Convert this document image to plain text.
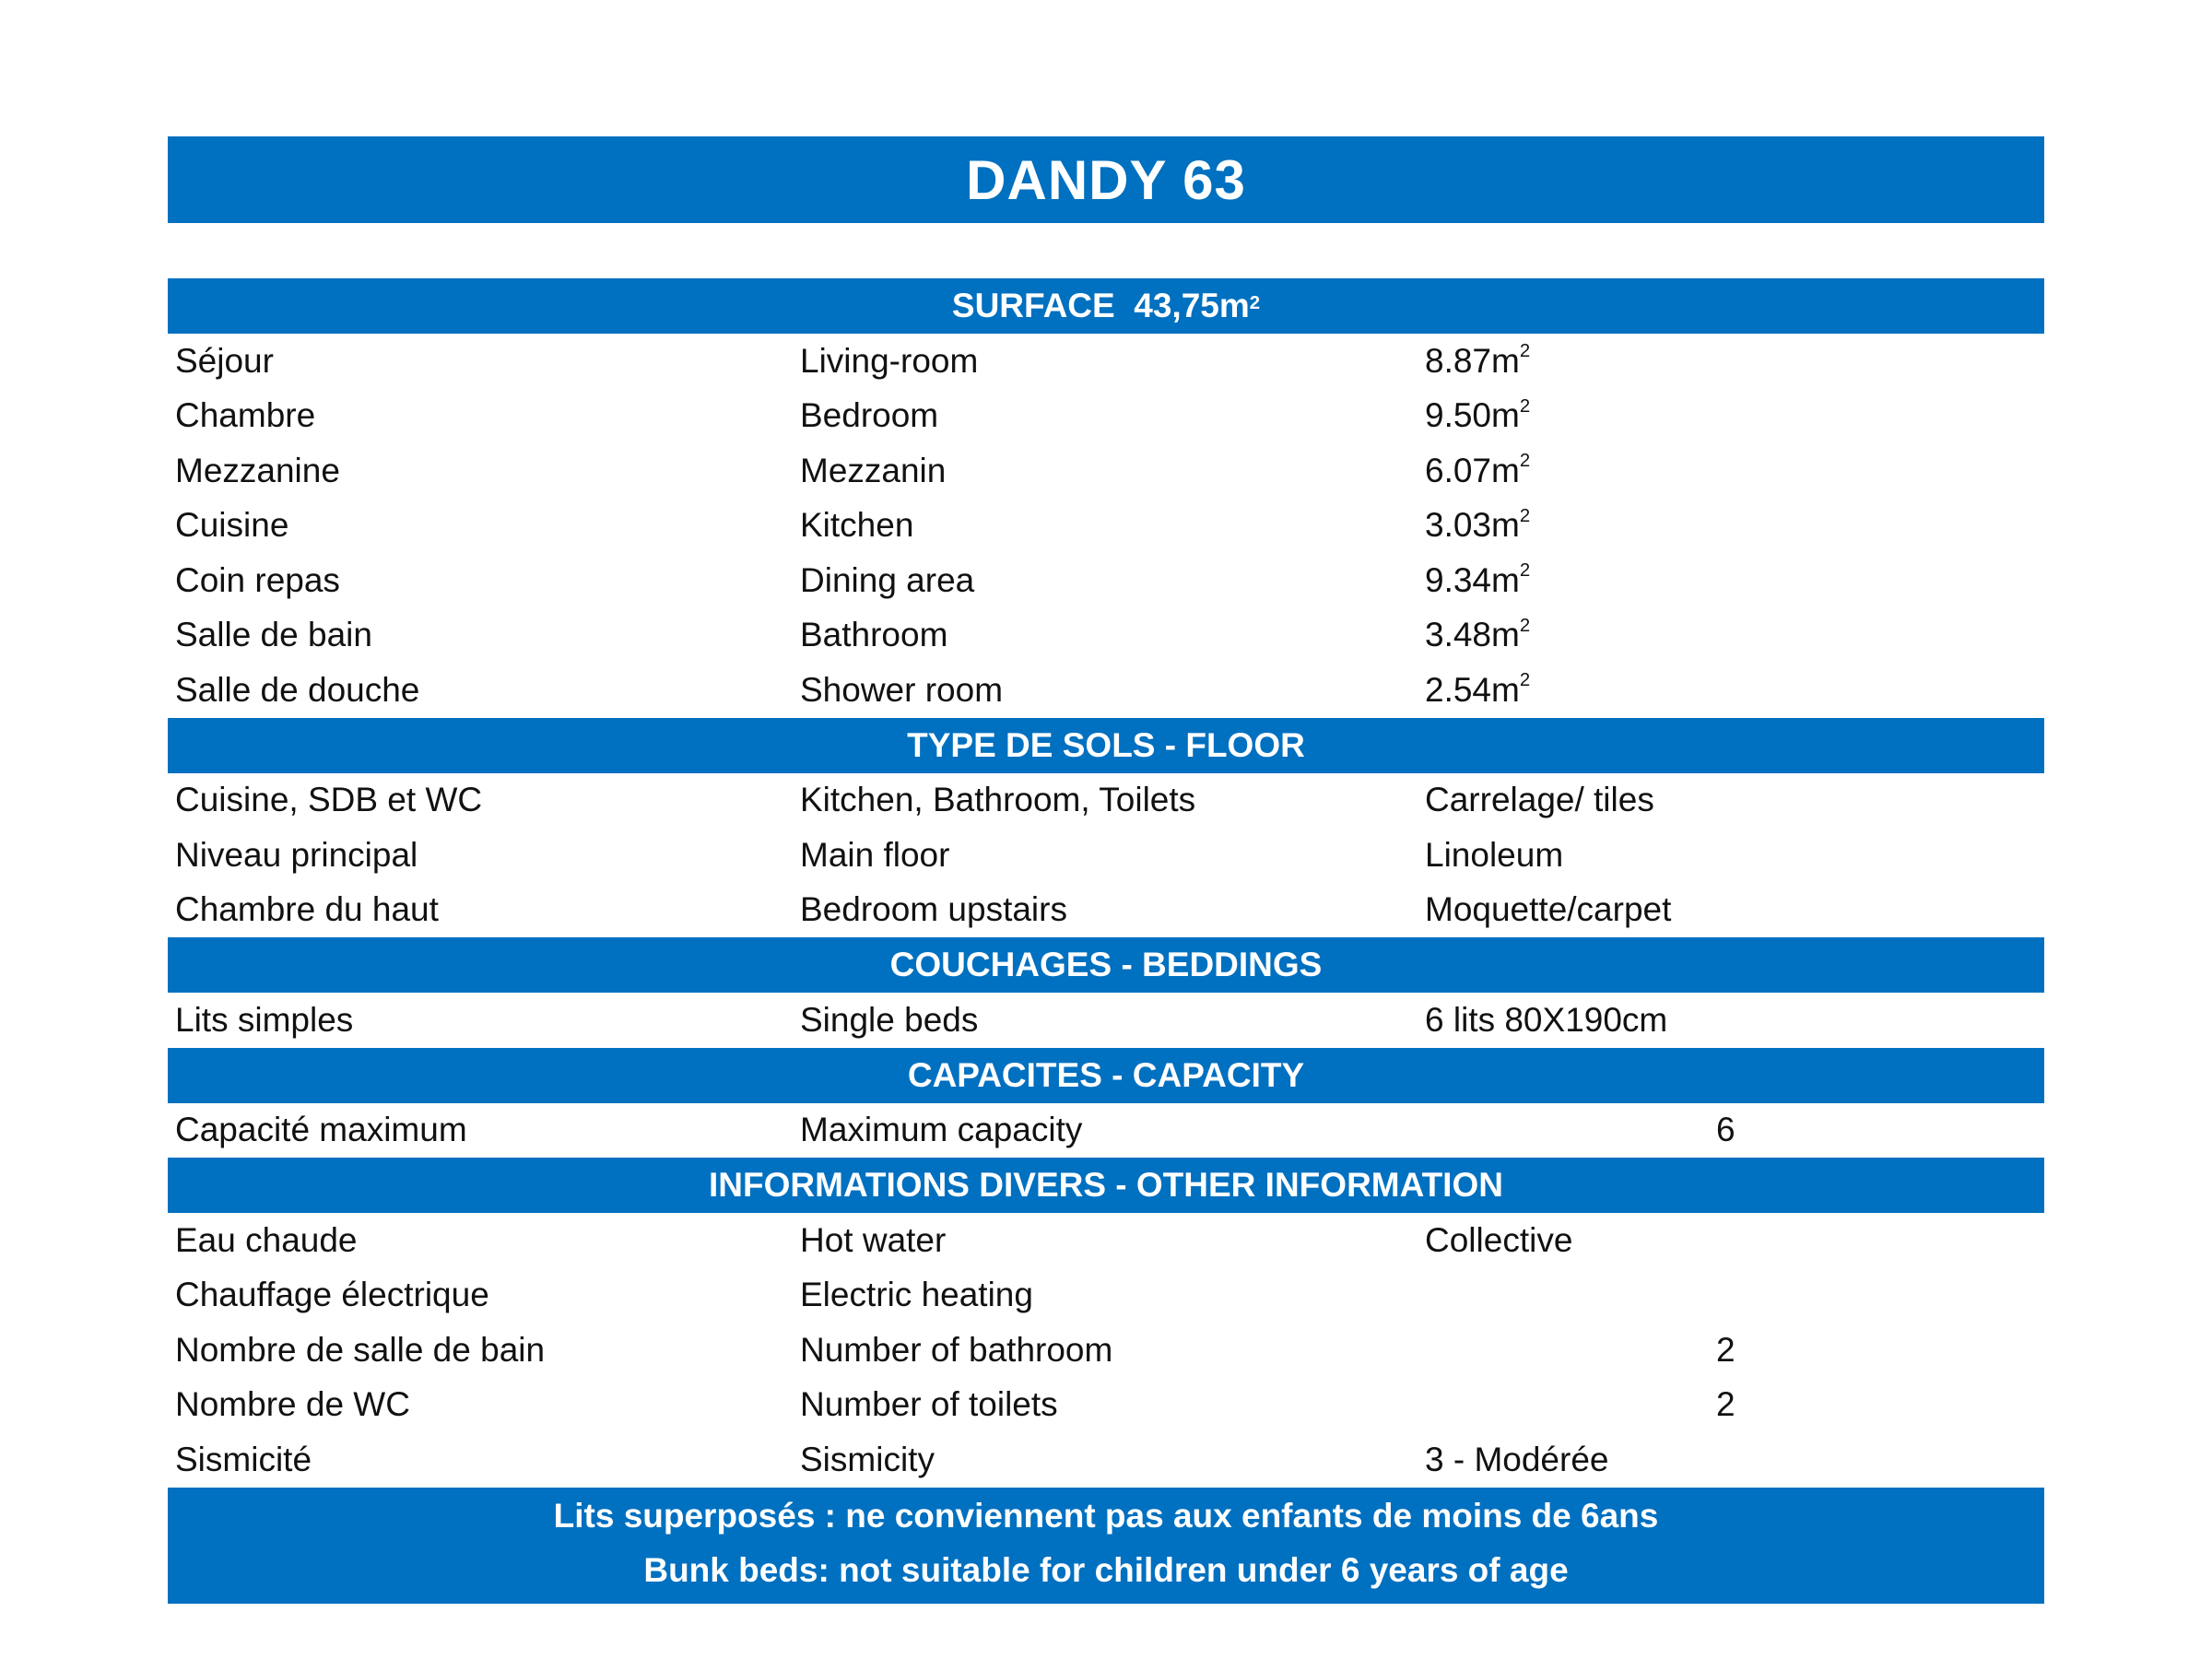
DANDY 63
SURFACE
$43,75m^2$
Séjour	Living-room	$8.87m^2$
Chambre	Bedroom	$9.50m^2$
Mezzanine	Mezzanin	$6.07m^2$
Cuisine	Kitchen	$3.03m^2$
Coin repas	Dining area	$9.34m^2$
Salle de bain	Bathroom	$3.48m^2$
Salle de douche	Shower room	$2.54m^2$
TYPE DE SOLS - FLOOR
Cuisine, SDB et WC	Kitchen, Bathroom, Toilets	Carrelage/ tiles
Niveau principal	Main floor	Linoleum
Chambre du haut	Bedroom upstairs	Moquette/carpet
COUCHAGES - BEDDINGS
Lits simples	Single beds	6 lits 80X190cm
CAPACITES - CAPACITY
Capacité maximum	Maximum capacity	6
INFORMATIONS DIVERS - OTHER INFORMATION
Eau chaude	Hot water	Collective
Chauffage électrique	Electric heating
Nombre de salle de bain	Number of bathroom	2
Nombre de WC	Number of toilets	2
Sismicité	Sismicity	3 - Modérée
Lits superposés : ne conviennent pas aux enfants de moins de 6ans
Bunk beds: not suitable for children under 6 years of age
